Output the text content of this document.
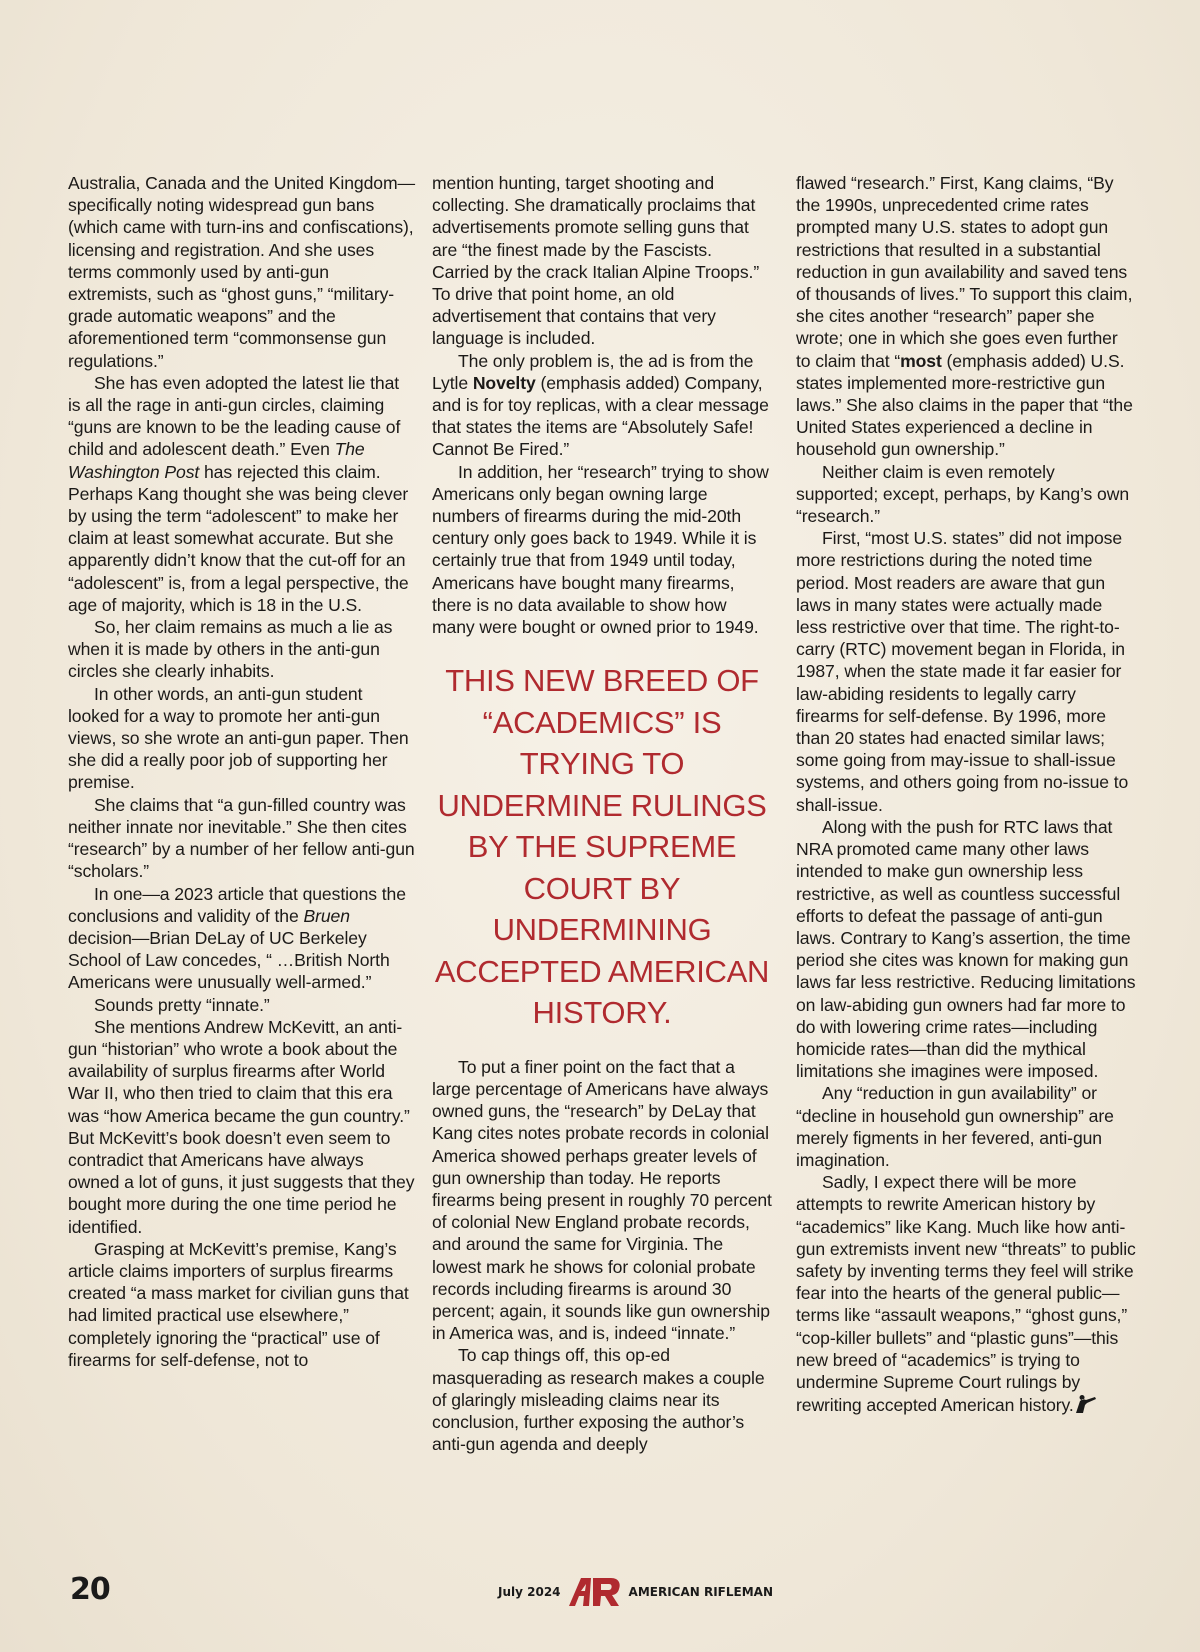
Australia, Canada and the United Kingdom—specifically noting widespread gun bans (which came with turn-ins and confiscations), licensing and registration. And she uses terms commonly used by anti-gun extremists, such as “ghost guns,” “military-grade automatic weapons” and the aforementioned term “commonsense gun regulations.”

She has even adopted the latest lie that is all the rage in anti-gun circles, claiming “guns are known to be the leading cause of child and adolescent death.” Even The Washington Post has rejected this claim. Perhaps Kang thought she was being clever by using the term “adolescent” to make her claim at least somewhat accurate. But she apparently didn’t know that the cut-off for an “adolescent” is, from a legal perspective, the age of majority, which is 18 in the U.S.

So, her claim remains as much a lie as when it is made by others in the anti-gun circles she clearly inhabits.

In other words, an anti-gun student looked for a way to promote her anti-gun views, so she wrote an anti-gun paper. Then she did a really poor job of supporting her premise.

She claims that “a gun-filled country was neither innate nor inevitable.” She then cites “research” by a number of her fellow anti-gun “scholars.”

In one—a 2023 article that questions the conclusions and validity of the Bruen decision—Brian DeLay of UC Berkeley School of Law concedes, “ …British North Americans were unusually well-armed.”

Sounds pretty “innate.”

She mentions Andrew McKevitt, an anti-gun “historian” who wrote a book about the availability of surplus firearms after World War II, who then tried to claim that this era was “how America became the gun country.” But McKevitt’s book doesn’t even seem to contradict that Americans have always owned a lot of guns, it just suggests that they bought more during the one time period he identified.

Grasping at McKevitt’s premise, Kang’s article claims importers of surplus firearms created “a mass market for civilian guns that had limited practical use elsewhere,” completely ignoring the “practical” use of firearms for self-defense, not to

mention hunting, target shooting and collecting. She dramatically proclaims that advertisements promote selling guns that are “the finest made by the Fascists. Carried by the crack Italian Alpine Troops.” To drive that point home, an old advertisement that contains that very language is included.

The only problem is, the ad is from the Lytle Novelty (emphasis added) Company, and is for toy replicas, with a clear message that states the items are “Absolutely Safe! Cannot Be Fired.”

In addition, her “research” trying to show Americans only began owning large numbers of firearms during the mid-20th century only goes back to 1949. While it is certainly true that from 1949 until today, Americans have bought many firearms, there is no data available to show how many were bought or owned prior to 1949.

THIS NEW BREED OF “ACADEMICS” IS TRYING TO UNDERMINE RULINGS BY THE SUPREME COURT BY UNDERMINING ACCEPTED AMERICAN HISTORY.

To put a finer point on the fact that a large percentage of Americans have always owned guns, the “research” by DeLay that Kang cites notes probate records in colonial America showed perhaps greater levels of gun ownership than today. He reports firearms being present in roughly 70 percent of colonial New England probate records, and around the same for Virginia. The lowest mark he shows for colonial probate records including firearms is around 30 percent; again, it sounds like gun ownership in America was, and is, indeed “innate.”

To cap things off, this op-ed masquerading as research makes a couple of glaringly misleading claims near its conclusion, further exposing the author’s anti-gun agenda and deeply

flawed “research.” First, Kang claims, “By the 1990s, unprecedented crime rates prompted many U.S. states to adopt gun restrictions that resulted in a substantial reduction in gun availability and saved tens of thousands of lives.” To support this claim, she cites another “research” paper she wrote; one in which she goes even further to claim that “most (emphasis added) U.S. states implemented more-restrictive gun laws.” She also claims in the paper that “the United States experienced a decline in household gun ownership.”

Neither claim is even remotely supported; except, perhaps, by Kang’s own “research.”

First, “most U.S. states” did not impose more restrictions during the noted time period. Most readers are aware that gun laws in many states were actually made less restrictive over that time. The right-to-carry (RTC) movement began in Florida, in 1987, when the state made it far easier for law-abiding residents to legally carry firearms for self-defense. By 1996, more than 20 states had enacted similar laws; some going from may-issue to shall-issue systems, and others going from no-issue to shall-issue.

Along with the push for RTC laws that NRA promoted came many other laws intended to make gun ownership less restrictive, as well as countless successful efforts to defeat the passage of anti-gun laws. Contrary to Kang’s assertion, the time period she cites was known for making gun laws far less restrictive. Reducing limitations on law-abiding gun owners had far more to do with lowering crime rates—including homicide rates—than did the mythical limitations she imagines were imposed.

Any “reduction in gun availability” or “decline in household gun ownership” are merely figments in her fevered, anti-gun imagination.

Sadly, I expect there will be more attempts to rewrite American history by “academics” like Kang. Much like how anti-gun extremists invent new “threats” to public safety by inventing terms they feel will strike fear into the hearts of the general public—terms like “assault weapons,” “ghost guns,” “cop-killer bullets” and “plastic guns”—this new breed of “academics” is trying to undermine Supreme Court rulings by rewriting accepted American history.

20	July 2024	AMERICAN RIFLEMAN
